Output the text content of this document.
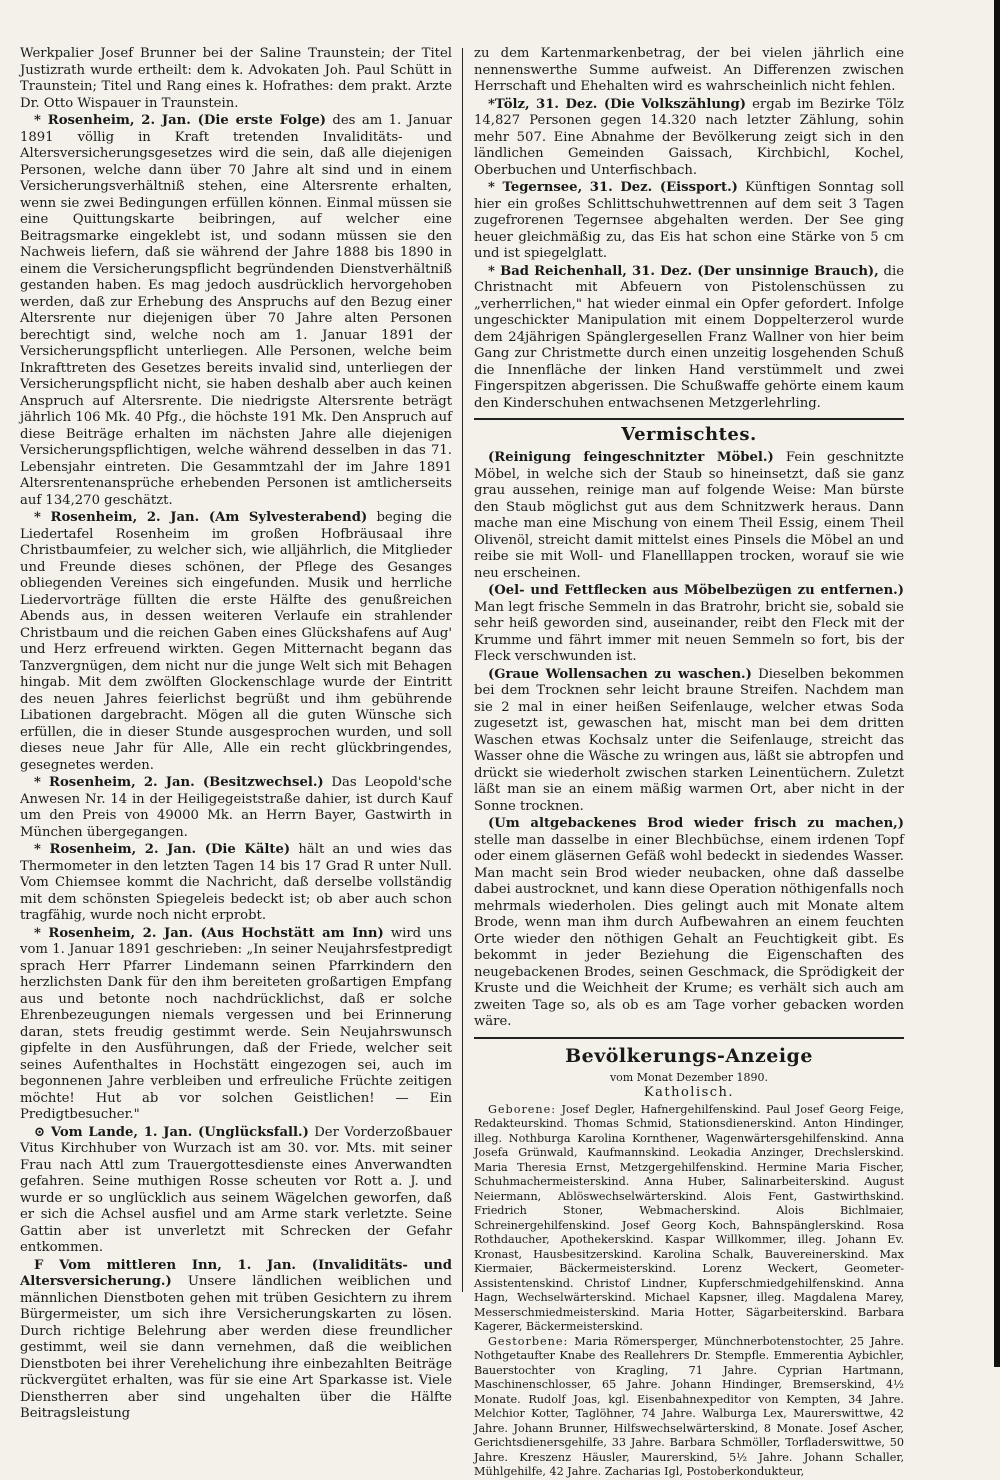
Werkpalier Josef Brunner bei der Saline Traunstein; der Titel Justizrath wurde ertheilt: dem k. Advokaten Joh. Paul Schütt in Traunstein; Titel und Rang eines k. Hofrathes: dem prakt. Arzte Dr. Otto Wispauer in Traunstein.

* Rosenheim, 2. Jan. (Die erste Folge) des am 1. Januar 1891 völlig in Kraft tretenden Invaliditäts- und Altersversicherungsgesetzes wird die sein, daß alle diejenigen Personen, welche dann über 70 Jahre alt sind und in einem Versicherungsverhältniß stehen, eine Altersrente erhalten, wenn sie zwei Bedingungen erfüllen können. Einmal müssen sie eine Quittungskarte beibringen, auf welcher eine Beitragsmarke eingeklebt ist, und sodann müssen sie den Nachweis liefern, daß sie während der Jahre 1888 bis 1890 in einem die Versicherungspflicht begründenden Dienstverhältniß gestanden haben. Es mag jedoch ausdrücklich hervorgehoben werden, daß zur Erhebung des Anspruchs auf den Bezug einer Altersrente nur diejenigen über 70 Jahre alten Personen berechtigt sind, welche noch am 1. Januar 1891 der Versicherungspflicht unterliegen. Alle Personen, welche beim Inkrafttreten des Gesetzes bereits invalid sind, unterliegen der Versicherungspflicht nicht, sie haben deshalb aber auch keinen Anspruch auf Altersrente. Die niedrigste Altersrente beträgt jährlich 106 Mk. 40 Pfg., die höchste 191 Mk. Den Anspruch auf diese Beiträge erhalten im nächsten Jahre alle diejenigen Versicherungspflichtigen, welche während desselben in das 71. Lebensjahr eintreten. Die Gesammtzahl der im Jahre 1891 Altersrentenansprüche erhebenden Personen ist amtlicherseits auf 134,270 geschätzt.

* Rosenheim, 2. Jan. (Am Sylvesterabend) beging die Liedertafel Rosenheim im großen Hofbräusaal ihre Christbaumfeier, zu welcher sich, wie alljährlich, die Mitglieder und Freunde dieses schönen, der Pflege des Gesanges obliegenden Vereines sich eingefunden. Musik und herrliche Liedervorträge füllten die erste Hälfte des genußreichen Abends aus, in dessen weiteren Verlaufe ein strahlender Christbaum und die reichen Gaben eines Glückshafens auf Aug' und Herz erfreuend wirkten. Gegen Mitternacht begann das Tanzvergnügen, dem nicht nur die junge Welt sich mit Behagen hingab. Mit dem zwölften Glockenschlage wurde der Eintritt des neuen Jahres feierlichst begrüßt und ihm gebührende Libationen dargebracht. Mögen all die guten Wünsche sich erfüllen, die in dieser Stunde ausgesprochen wurden, und soll dieses neue Jahr für Alle, Alle ein recht glückbringendes, gesegnetes werden.

* Rosenheim, 2. Jan. (Besitzwechsel.) Das Leopold'sche Anwesen Nr. 14 in der Heiligegeiststraße dahier, ist durch Kauf um den Preis von 49000 Mk. an Herrn Bayer, Gastwirth in München übergegangen.

* Rosenheim, 2. Jan. (Die Kälte) hält an und wies das Thermometer in den letzten Tagen 14 bis 17 Grad R unter Null. Vom Chiemsee kommt die Nachricht, daß derselbe vollständig mit dem schönsten Spiegeleis bedeckt ist; ob aber auch schon tragfähig, wurde noch nicht erprobt.

* Rosenheim, 2. Jan. (Aus Hochstätt am Inn) wird uns vom 1. Januar 1891 geschrieben: „In seiner Neujahrsfestpredigt sprach Herr Pfarrer Lindemann seinen Pfarrkindern den herzlichsten Dank für den ihm bereiteten großartigen Empfang aus und betonte noch nachdrücklichst, daß er solche Ehrenbezeugungen niemals vergessen und bei Erinnerung daran, stets freudig gestimmt werde. Sein Neujahrswunsch gipfelte in den Ausführungen, daß der Friede, welcher seit seines Aufenthaltes in Hochstätt eingezogen sei, auch im begonnenen Jahre verbleiben und erfreuliche Früchte zeitigen möchte! Hut ab vor solchen Geistlichen! — Ein Predigtbesucher."

⊙ Vom Lande, 1. Jan. (Unglücksfall.) Der Vorderzoßbauer Vitus Kirchhuber von Wurzach ist am 30. vor. Mts. mit seiner Frau nach Attl zum Trauergottesdienste eines Anverwandten gefahren. Seine muthigen Rosse scheuten vor Rott a. J. und wurde er so unglücklich aus seinem Wägelchen geworfen, daß er sich die Achsel ausfiel und am Arme stark verletzte. Seine Gattin aber ist unverletzt mit Schrecken der Gefahr entkommen.

F Vom mittleren Inn, 1. Jan. (Invaliditäts- und Altersversicherung.) Unsere ländlichen weiblichen und männlichen Dienstboten gehen mit trüben Gesichtern zu ihrem Bürgermeister, um sich ihre Versicherungskarten zu lösen. Durch richtige Belehrung aber werden diese freundlicher gestimmt, weil sie dann vernehmen, daß die weiblichen Dienstboten bei ihrer Verehelichung ihre einbezahlten Beiträge rückvergütet erhalten, was für sie eine Art Sparkasse ist. Viele Dienstherren aber sind ungehalten über die Hälfte Beitragsleistung

zu dem Kartenmarkenbetrag, der bei vielen jährlich eine nennenswerthe Summe aufweist. An Differenzen zwischen Herrschaft und Ehehalten wird es wahrscheinlich nicht fehlen.

*Tölz, 31. Dez. (Die Volkszählung) ergab im Bezirke Tölz 14,827 Personen gegen 14.320 nach letzter Zählung, sohin mehr 507. Eine Abnahme der Bevölkerung zeigt sich in den ländlichen Gemeinden Gaissach, Kirchbichl, Kochel, Oberbuchen und Unterfischbach.

* Tegernsee, 31. Dez. (Eissport.) Künftigen Sonntag soll hier ein großes Schlittschuhwettrennen auf dem seit 3 Tagen zugefrorenen Tegernsee abgehalten werden. Der See ging heuer gleichmäßig zu, das Eis hat schon eine Stärke von 5 cm und ist spiegelglatt.

* Bad Reichenhall, 31. Dez. (Der unsinnige Brauch), die Christnacht mit Abfeuern von Pistolenschüssen zu „verherrlichen," hat wieder einmal ein Opfer gefordert. Infolge ungeschickter Manipulation mit einem Doppelterzerol wurde dem 24jährigen Spänglergesellen Franz Wallner von hier beim Gang zur Christmette durch einen unzeitig losgehenden Schuß die Innenfläche der linken Hand verstümmelt und zwei Fingerspitzen abgerissen. Die Schußwaffe gehörte einem kaum den Kinderschuhen entwachsenen Metzgerlehrling.

Vermischtes.

(Reinigung feingeschnitzter Möbel.) Fein geschnitzte Möbel, in welche sich der Staub so hineinsetzt, daß sie ganz grau aussehen, reinige man auf folgende Weise: Man bürste den Staub möglichst gut aus dem Schnitzwerk heraus. Dann mache man eine Mischung von einem Theil Essig, einem Theil Olivenöl, streicht damit mittelst eines Pinsels die Möbel an und reibe sie mit Woll- und Flanelllappen trocken, worauf sie wie neu erscheinen.

(Oel- und Fettflecken aus Möbelbezügen zu entfernen.) Man legt frische Semmeln in das Bratrohr, bricht sie, sobald sie sehr heiß geworden sind, auseinander, reibt den Fleck mit der Krumme und fährt immer mit neuen Semmeln so fort, bis der Fleck verschwunden ist.

(Graue Wollensachen zu waschen.) Dieselben bekommen bei dem Trocknen sehr leicht braune Streifen. Nachdem man sie 2 mal in einer heißen Seifenlauge, welcher etwas Soda zugesetzt ist, gewaschen hat, mischt man bei dem dritten Waschen etwas Kochsalz unter die Seifenlauge, streicht das Wasser ohne die Wäsche zu wringen aus, läßt sie abtropfen und drückt sie wiederholt zwischen starken Leinentüchern. Zuletzt läßt man sie an einem mäßig warmen Ort, aber nicht in der Sonne trocknen.

(Um altgebackenes Brod wieder frisch zu machen,) stelle man dasselbe in einer Blechbüchse, einem irdenen Topf oder einem gläsernen Gefäß wohl bedeckt in siedendes Wasser. Man macht sein Brod wieder neubacken, ohne daß dasselbe dabei austrocknet, und kann diese Operation nöthigenfalls noch mehrmals wiederholen. Dies gelingt auch mit Monate altem Brode, wenn man ihm durch Aufbewahren an einem feuchten Orte wieder den nöthigen Gehalt an Feuchtigkeit gibt. Es bekommt in jeder Beziehung die Eigenschaften des neugebackenen Brodes, seinen Geschmack, die Sprödigkeit der Kruste und die Weichheit der Krume; es verhält sich auch am zweiten Tage so, als ob es am Tage vorher gebacken worden wäre.

Bevölkerungs-Anzeige

vom Monat Dezember 1890.

Katholisch.

Geborene: Josef Degler, Hafnergehilfenskind. Paul Josef Georg Feige, Redakteurskind. Thomas Schmid, Stationsdienerskind. Anton Hindinger, illeg. Nothburga Karolina Kornthener, Wagenwärtersgehilfenskind. Anna Josefa Grünwald, Kaufmannskind. Leokadia Anzinger, Drechslerskind. Maria Theresia Ernst, Metzgergehilfenskind. Hermine Maria Fischer, Schuhmachermeisterskind. Anna Huber, Salinarbeiterskind. August Neiermann, Ablöswechselwärterskind. Alois Fent, Gastwirthskind. Friedrich Stoner, Webmacherskind. Alois Bichlmaier, Schreinergehilfenskind. Josef Georg Koch, Bahnspänglerskind. Rosa Rothdaucher, Apothekerskind. Kaspar Willkommer, illeg. Johann Ev. Kronast, Hausbesitzerskind. Karolina Schalk, Bauvereinerskind. Max Kiermaier, Bäckermeisterskind. Lorenz Weckert, Geometer-Assistentenskind. Christof Lindner, Kupferschmiedgehilfenskind. Anna Hagn, Wechselwärterskind. Michael Kapsner, illeg. Magdalena Marey, Messerschmiedmeisterskind. Maria Hotter, Sägarbeiterskind. Barbara Kagerer, Bäckermeisterskind.

Gestorbene: Maria Römersperger, Münchnerbotenstochter, 25 Jahre. Nothgetaufter Knabe des Reallehrers Dr. Stempfle. Emmerentia Aybichler, Bauerstochter von Kragling, 71 Jahre. Cyprian Hartmann, Maschinenschlosser, 65 Jahre. Johann Hindinger, Bremserskind, 4½ Monate. Rudolf Joas, kgl. Eisenbahnexpeditor von Kempten, 34 Jahre. Melchior Kotter, Taglöhner, 74 Jahre. Walburga Lex, Maurerswittwe, 42 Jahre. Johann Brunner, Hilfswechselwärterskind, 8 Monate. Josef Ascher, Gerichtsdienersgehilfe, 33 Jahre. Barbara Schmöller, Torfladerswittwe, 50 Jahre. Kreszenz Häusler, Maurerskind, 5½ Jahre. Johann Schaller, Mühlgehilfe, 42 Jahre. Zacharias Igl, Postoberkondukteur,
